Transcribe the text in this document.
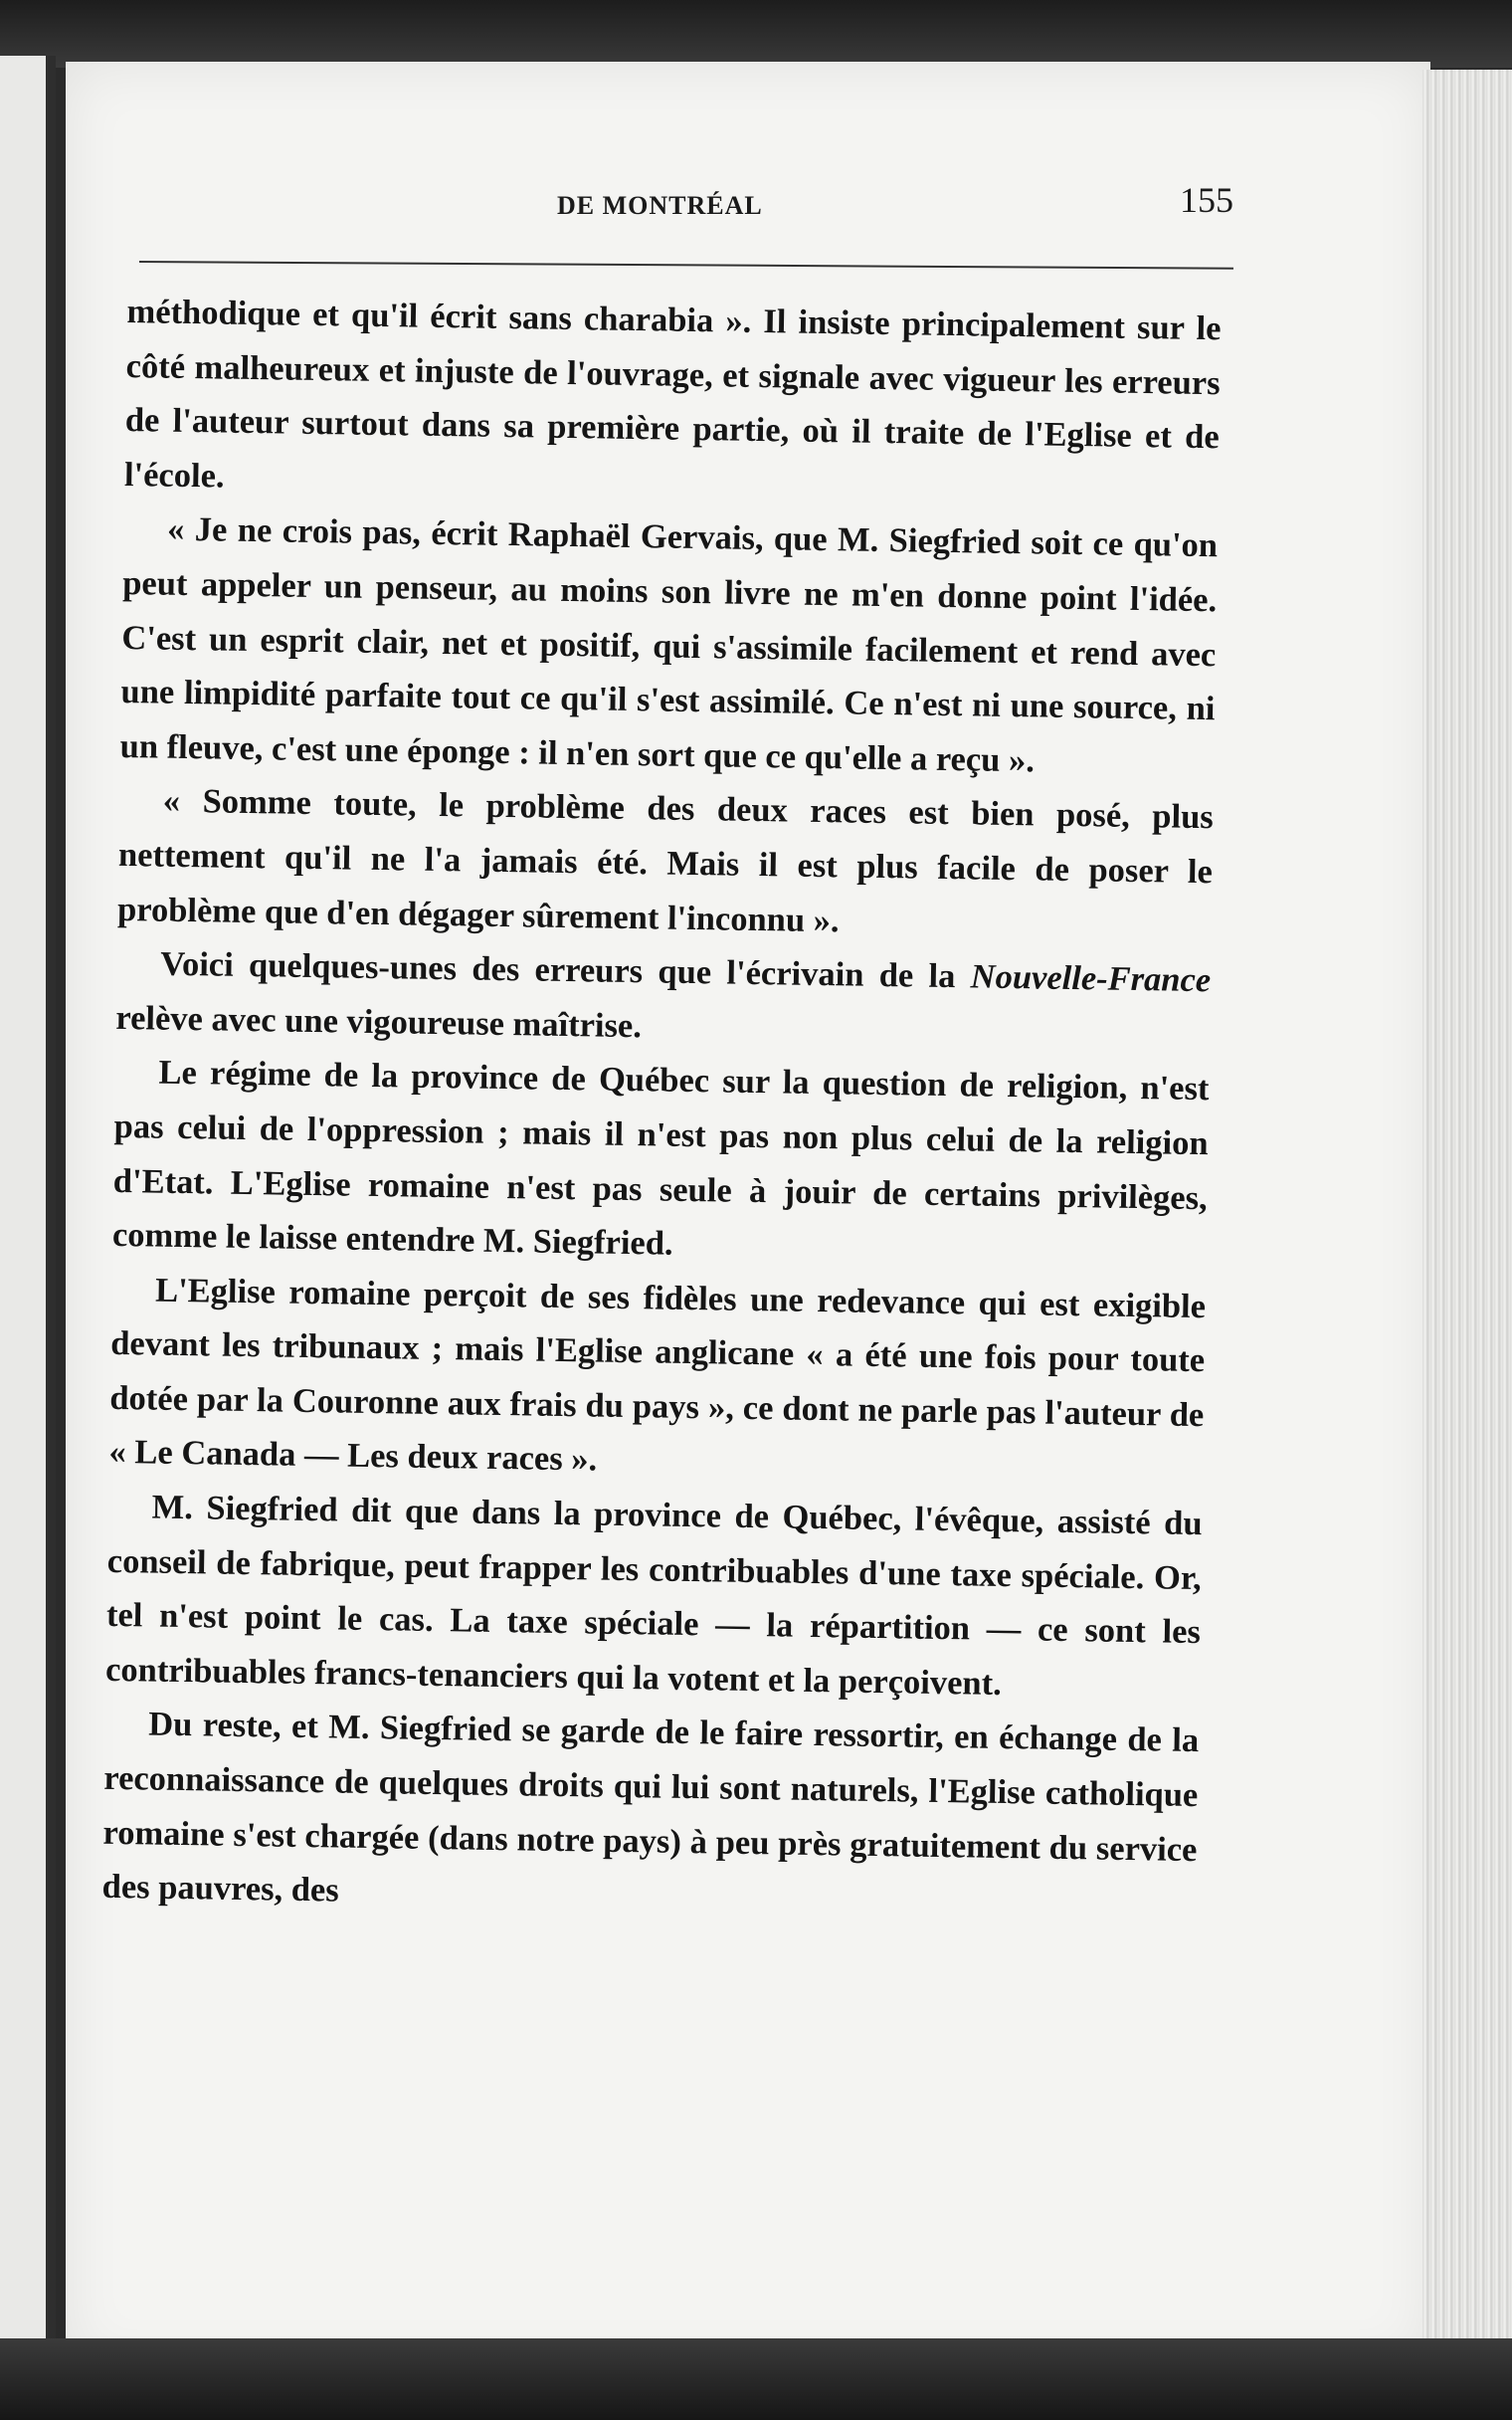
DE MONTRÉAL	155

méthodique et qu'il écrit sans charabia ». Il insiste principalement sur le côté malheureux et injuste de l'ouvrage, et signale avec vigueur les erreurs de l'auteur surtout dans sa première partie, où il traite de l'Eglise et de l'école.

« Je ne crois pas, écrit Raphaël Gervais, que M. Siegfried soit ce qu'on peut appeler un penseur, au moins son livre ne m'en donne point l'idée. C'est un esprit clair, net et positif, qui s'assimile facilement et rend avec une limpidité parfaite tout ce qu'il s'est assimilé. Ce n'est ni une source, ni un fleuve, c'est une éponge : il n'en sort que ce qu'elle a reçu ».

« Somme toute, le problème des deux races est bien posé, plus nettement qu'il ne l'a jamais été. Mais il est plus facile de poser le problème que d'en dégager sûrement l'inconnu ».

Voici quelques-unes des erreurs que l'écrivain de la Nouvelle-France relève avec une vigoureuse maîtrise.

Le régime de la province de Québec sur la question de religion, n'est pas celui de l'oppression ; mais il n'est pas non plus celui de la religion d'Etat. L'Eglise romaine n'est pas seule à jouir de certains privilèges, comme le laisse entendre M. Siegfried.

L'Eglise romaine perçoit de ses fidèles une redevance qui est exigible devant les tribunaux ; mais l'Eglise anglicane « a été une fois pour toute dotée par la Couronne aux frais du pays », ce dont ne parle pas l'auteur de « Le Canada — Les deux races ».

M. Siegfried dit que dans la province de Québec, l'évêque, assisté du conseil de fabrique, peut frapper les contribuables d'une taxe spéciale. Or, tel n'est point le cas. La taxe spéciale — la répartition — ce sont les contribuables francs-tenanciers qui la votent et la perçoivent.

Du reste, et M. Siegfried se garde de le faire ressortir, en échange de la reconnaissance de quelques droits qui lui sont naturels, l'Eglise catholique romaine s'est chargée (dans notre pays) à peu près gratuitement du service des pauvres, des
